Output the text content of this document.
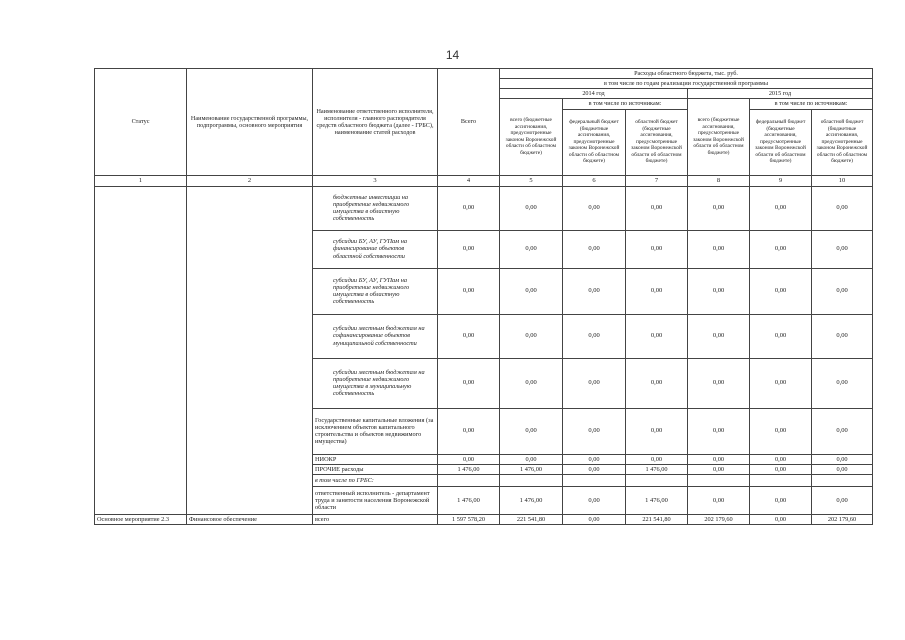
14
Статус	Наименование государственной программы, подпрограммы, основного мероприятия	Наименование ответственного исполнителя, исполнителя - главного распорядителя средств областного бюджета (далее - ГРБС), наименование статей расходов	Всего	Расходы областного бюджета, тыс. руб.					
				в том числе по годам реализации государственной программы					
				2014 год			2015 год		
				всего (бюджетные ассигнования, предусмотренные законом Воронежской области об областном бюджете)	в том числе по источникам:		всего (бюджетные ассигнования, предусмотренные законом Воронежской области об областном бюджете)	в том числе по источникам:	
					федеральный бюджет (бюджетные ассигнования, предусмотренные законом Воронежской области об областном бюджете)	областной бюджет (бюджетные ассигнования, предусмотренные законом Воронежской области об областном бюджете)		федеральный бюджет (бюджетные ассигнования, предусмотренные законом Воронежской области об областном бюджете)	областной бюджет (бюджетные ассигнования, предусмотренные законом Воронежской области об областном бюджете)
1	2	3	4	5	6	7	8	9	10
		бюджетные инвестиции на приобретение недвижимого имущества в областную собственность	0,00	0,00	0,00	0,00	0,00	0,00	0,00
		субсидии БУ, АУ, ГУПам на финансирование объектов областной собственности	0,00	0,00	0,00	0,00	0,00	0,00	0,00
		субсидии БУ, АУ, ГУПам на приобретение недвижимого имущества в областную собственность	0,00	0,00	0,00	0,00	0,00	0,00	0,00
		субсидии местным бюджетам на софинансирование объектов муниципальной собственности	0,00	0,00	0,00	0,00	0,00	0,00	0,00
		субсидии местным бюджетам на приобретение недвижимого имущества в муниципальную собственность	0,00	0,00	0,00	0,00	0,00	0,00	0,00
		Государственные капитальные вложения (за исключением объектов капитального строительства и объектов недвижимого имущества)	0,00	0,00	0,00	0,00	0,00	0,00	0,00
		НИОКР	0,00	0,00	0,00	0,00	0,00	0,00	0,00
		ПРОЧИЕ расходы	1 476,00	1 476,00	0,00	1 476,00	0,00	0,00	0,00
		в том числе по ГРБС:							
		ответственный исполнитель - департамент труда и занятости населения Воронежской области	1 476,00	1 476,00	0,00	1 476,00	0,00	0,00	0,00
Основное мероприятие 2.3	Финансовое обеспечение	всего	1 597 578,20	221 541,80	0,00	221 541,80	202 179,60	0,00	202 179,60
